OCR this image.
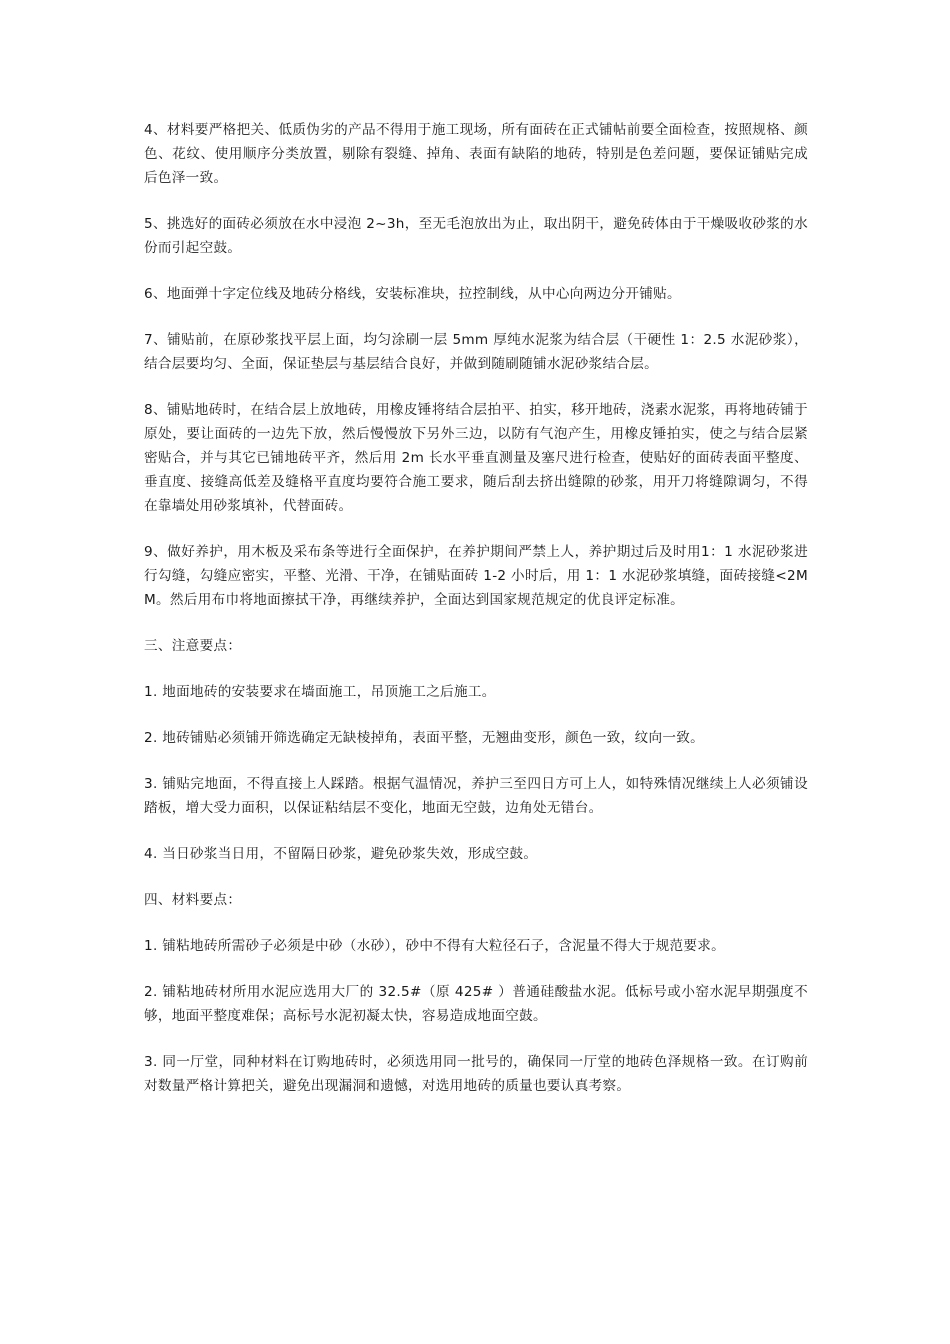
4、材料要严格把关、低质伪劣的产品不得用于施工现场，所有面砖在正式铺帖前要全面检查，按照规格、颜色、花纹、使用顺序分类放置，剔除有裂缝、掉角、表面有缺陷的地砖，特别是色差问题，要保证铺贴完成后色泽一致。

5、挑选好的面砖必须放在水中浸泡 2~3h，至无毛泡放出为止，取出阴干，避免砖体由于干燥吸收砂浆的水份而引起空鼓。

6、地面弹十字定位线及地砖分格线，安装标准块，拉控制线，从中心向两边分开铺贴。

7、铺贴前，在原砂浆找平层上面，均匀涂刷一层 5mm 厚纯水泥浆为结合层（干硬性 1：2.5 水泥砂浆），结合层要均匀、全面，保证垫层与基层结合良好，并做到随刷随铺水泥砂浆结合层。

8、铺贴地砖时，在结合层上放地砖，用橡皮锤将结合层拍平、拍实，移开地砖，浇素水泥浆，再将地砖铺于原处，要让面砖的一边先下放，然后慢慢放下另外三边，以防有气泡产生，用橡皮锤拍实，使之与结合层紧密贴合，并与其它已铺地砖平齐，然后用 2m 长水平垂直测量及塞尺进行检查，使贴好的面砖表面平整度、垂直度、接缝高低差及缝格平直度均要符合施工要求，随后刮去挤出缝隙的砂浆，用开刀将缝隙调匀，不得在靠墙处用砂浆填补，代替面砖。

9、做好养护，用木板及采布条等进行全面保护，在养护期间严禁上人，养护期过后及时用1：1 水泥砂浆进行勾缝，勾缝应密实，平整、光滑、干净，在铺贴面砖 1-2 小时后，用 1：1 水泥砂浆填缝，面砖接缝<2MM。然后用布巾将地面擦拭干净，再继续养护，全面达到国家规范规定的优良评定标准。

三、注意要点：

1. 地面地砖的安装要求在墙面施工，吊顶施工之后施工。

2. 地砖铺贴必须铺开筛选确定无缺棱掉角，表面平整，无翘曲变形，颜色一致，纹向一致。

3. 铺贴完地面，不得直接上人踩踏。根据气温情况，养护三至四日方可上人，如特殊情况继续上人必须铺设踏板，增大受力面积，以保证粘结层不变化，地面无空鼓，边角处无错台。

4. 当日砂浆当日用，不留隔日砂浆，避免砂浆失效，形成空鼓。

四、材料要点：

1. 铺粘地砖所需砂子必须是中砂（水砂），砂中不得有大粒径石子，含泥量不得大于规范要求。

2. 铺粘地砖材所用水泥应选用大厂的 32.5#（原 425# ）普通硅酸盐水泥。低标号或小窑水泥早期强度不够，地面平整度难保；高标号水泥初凝太快，容易造成地面空鼓。

3. 同一厅堂，同种材料在订购地砖时，必须选用同一批号的，确保同一厅堂的地砖色泽规格一致。在订购前对数量严格计算把关，避免出现漏洞和遗憾，对选用地砖的质量也要认真考察。
